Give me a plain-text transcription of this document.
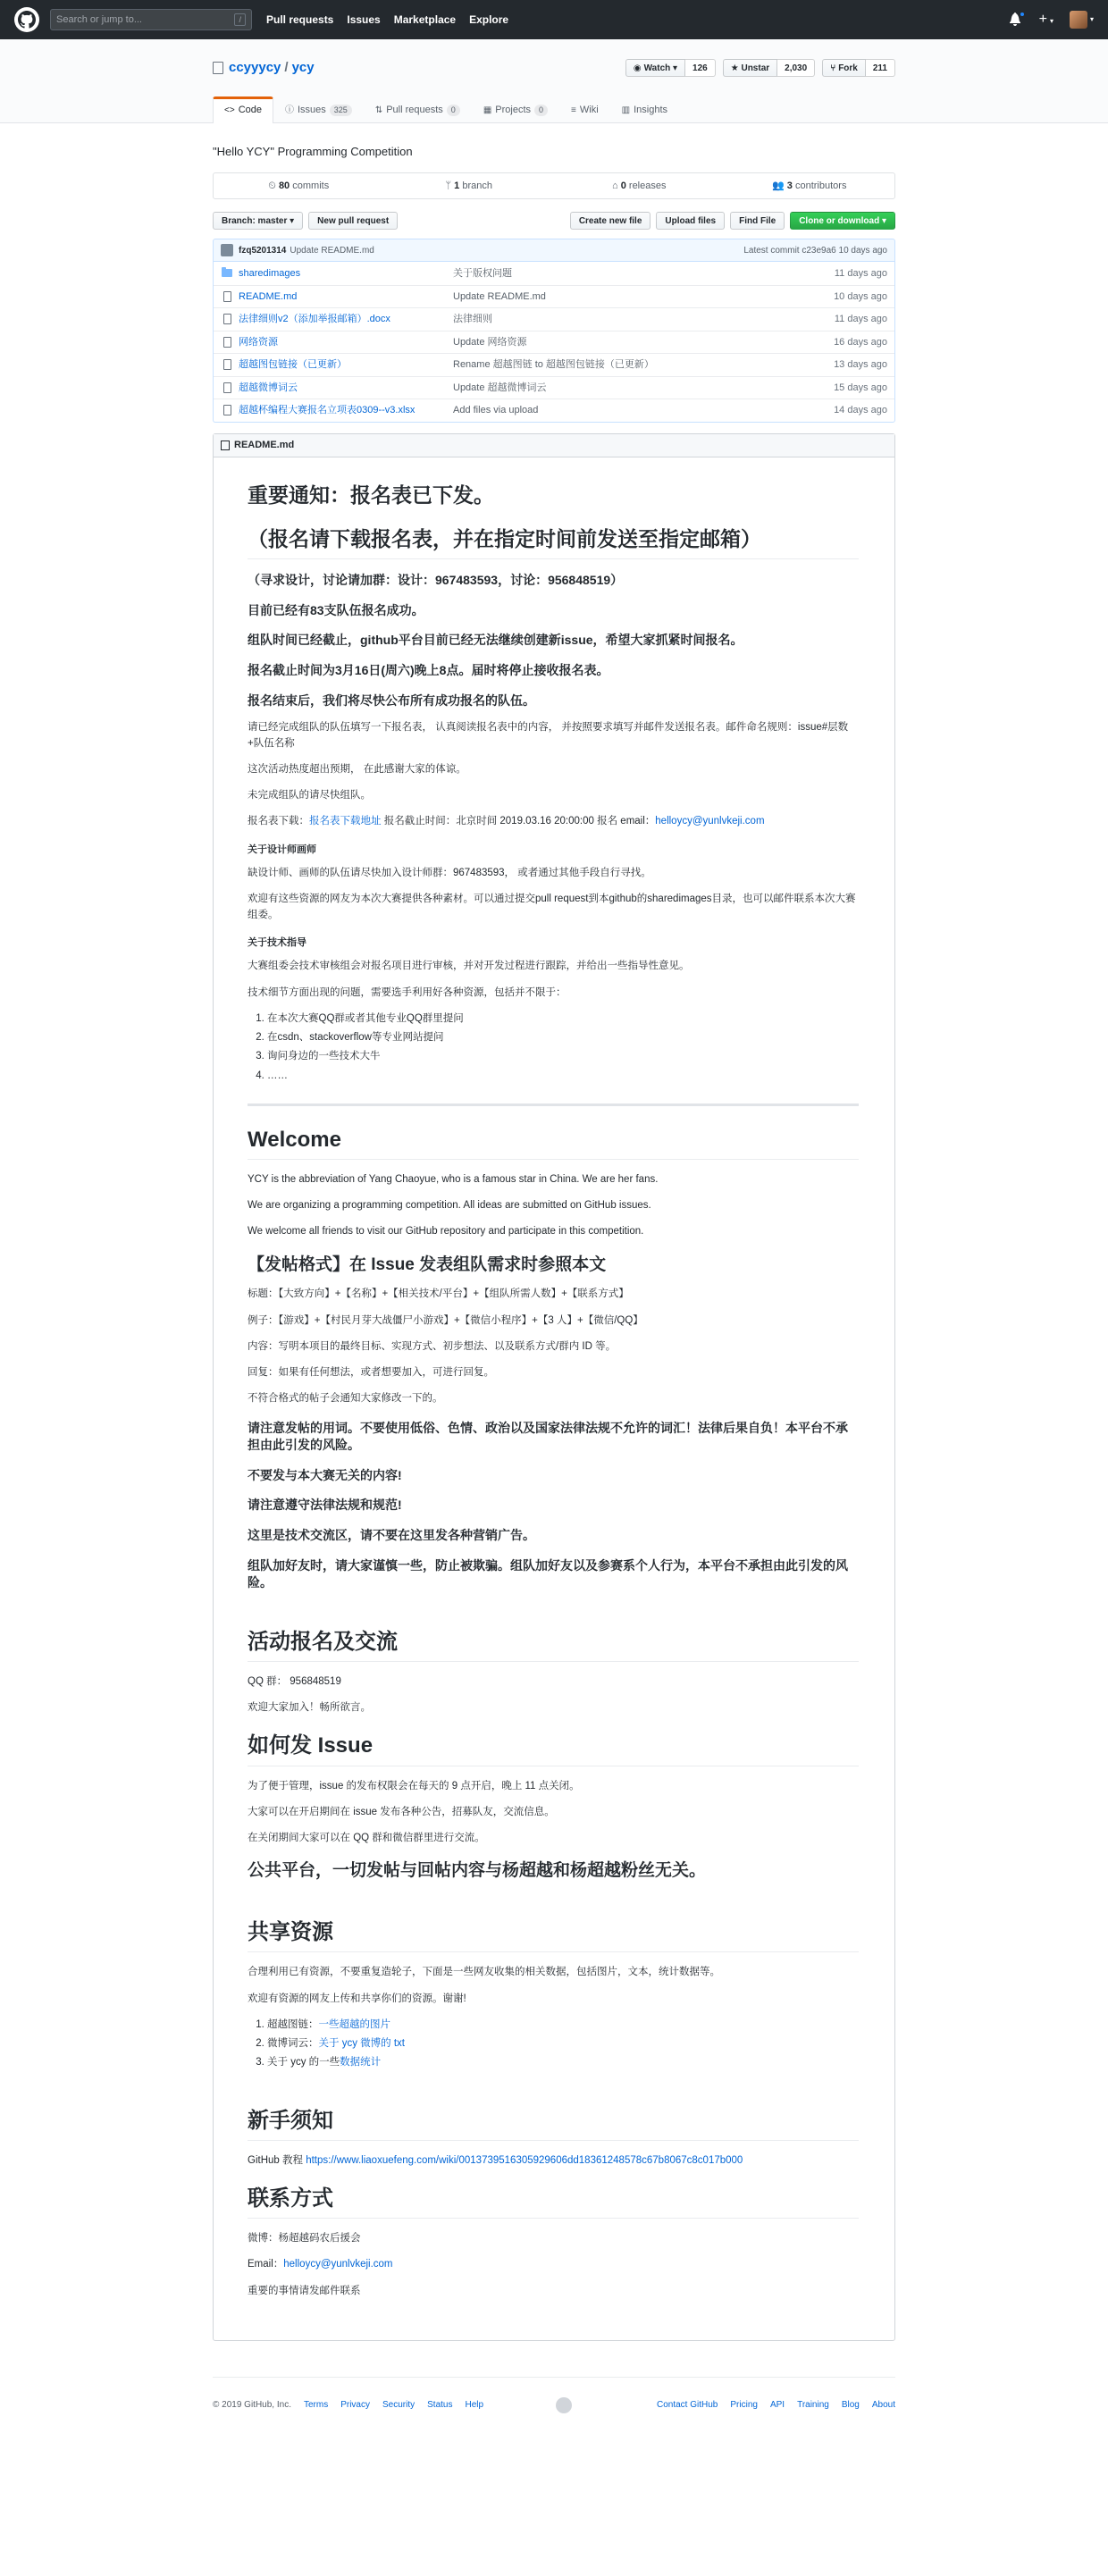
Search or jump to...
/	Pull requests Issues Marketplace Explore	+ ▾	▾
ccyyycy / ycy	◉ Watch ▾	126	★ Unstar	2,030	⑂ Fork	211
<> Code	ⓘ Issues	325	⇅ Pull requests	0	▦ Projects	0	≡ Wiki	▥ Insights
"Hello YCY" Programming Competition
⏲ 80 commits	ᛘ 1 branch	⌂ 0 releases	👥 3 contributors
Branch: master ▾	New pull request	Create new file	Upload files	Find File	Clone or download ▾
fzq5201314 Update README.md	Latest commit c23e9a6 10 days ago
sharedimages	关于版权问题	11 days ago
README.md	Update README.md	10 days ago
法律细则v2（添加举报邮箱）.docx	法律细则	11 days ago
网络资源	Update 网络资源	16 days ago
超越图包链接（已更新）	Rename 超越图链 to 超越图包链接（已更新）	13 days ago
超越微博词云	Update 超越微博词云	15 days ago
超越杯编程大赛报名立项表0309--v3.xlsx	Add files via upload	14 days ago
README.md
重要通知：报名表已下发。
（报名请下载报名表，并在指定时间前发送至指定邮箱）
（寻求设计，讨论请加群：设计：967483593，讨论：956848519）
目前已经有83支队伍报名成功。
组队时间已经截止，github平台目前已经无法继续创建新issue，希望大家抓紧时间报名。
报名截止时间为3月16日(周六)晚上8点。届时将停止接收报名表。
报名结束后，我们将尽快公布所有成功报名的队伍。

请已经完成组队的队伍填写一下报名表， 认真阅读报名表中的内容， 并按照要求填写并邮件发送报名表。邮件命名规则：issue#层数+队伍名称

这次活动热度超出预期， 在此感谢大家的体谅。

未完成组队的请尽快组队。

报名表下载：报名表下载地址 报名截止时间：北京时间 2019.03.16 20:00:00 报名 email：helloycy@yunlvkeji.com

关于设计师画师

缺设计师、画师的队伍请尽快加入设计师群：967483593， 或者通过其他手段自行寻找。

欢迎有这些资源的网友为本次大赛提供各种素材。可以通过提交pull request到本github的sharedimages目录，也可以邮件联系本次大赛组委。

关于技术指导

大赛组委会技术审核组会对报名项目进行审核，并对开发过程进行跟踪，并给出一些指导性意见。

技术细节方面出现的问题，需要选手利用好各种资源，包括并不限于：

1. 在本次大赛QQ群或者其他专业QQ群里提问
2. 在csdn、stackoverflow等专业网站提问
3. 询问身边的一些技术大牛
4. ……
Welcome

YCY is the abbreviation of Yang Chaoyue, who is a famous star in China. We are her fans.

We are organizing a programming competition. All ideas are submitted on GitHub issues.

We welcome all friends to visit our GitHub repository and participate in this competition.

【发帖格式】在 Issue 发表组队需求时参照本文

标题：【大致方向】+【名称】+【相关技术/平台】+【组队所需人数】+【联系方式】

例子：【游戏】+【村民月芽大战僵尸小游戏】+【微信小程序】+【3 人】+【微信/QQ】

内容：写明本项目的最终目标、实现方式、初步想法、以及联系方式/群内 ID 等。

回复：如果有任何想法，或者想要加入，可进行回复。

不符合格式的帖子会通知大家修改一下的。

请注意发帖的用词。不要使用低俗、色情、政治以及国家法律法规不允许的词汇！法律后果自负！本平台不承担由此引发的风险。
不要发与本大赛无关的内容!
请注意遵守法律法规和规范!
这里是技术交流区，请不要在这里发各种营销广告。
组队加好友时，请大家谨慎一些，防止被欺骗。组队加好友以及参赛系个人行为，本平台不承担由此引发的风险。
活动报名及交流

QQ 群： 956848519

欢迎大家加入！畅所欲言。

如何发 Issue

为了便于管理，issue 的发布权限会在每天的 9 点开启，晚上 11 点关闭。

大家可以在开启期间在 issue 发布各种公告，招募队友，交流信息。

在关闭期间大家可以在 QQ 群和微信群里进行交流。

公共平台，一切发帖与回帖内容与杨超越和杨超越粉丝无关。
共享资源

合理利用已有资源，不要重复造轮子，下面是一些网友收集的相关数据，包括图片，文本，统计数据等。

欢迎有资源的网友上传和共享你们的资源。谢谢!

1. 超越图链：一些超越的图片
2. 微博词云：关于 ycy 微博的 txt
3. 关于 ycy 的一些数据统计
新手须知

GitHub 教程 https://www.liaoxuefeng.com/wiki/0013739516305929606dd18361248578c67b8067c8c017b000

联系方式

微博：杨超越码农后援会

Email：helloycy@yunlvkeji.com

重要的事情请发邮件联系

© 2019 GitHub, Inc. Terms Privacy Security Status Help	Contact GitHub Pricing API Training Blog About
